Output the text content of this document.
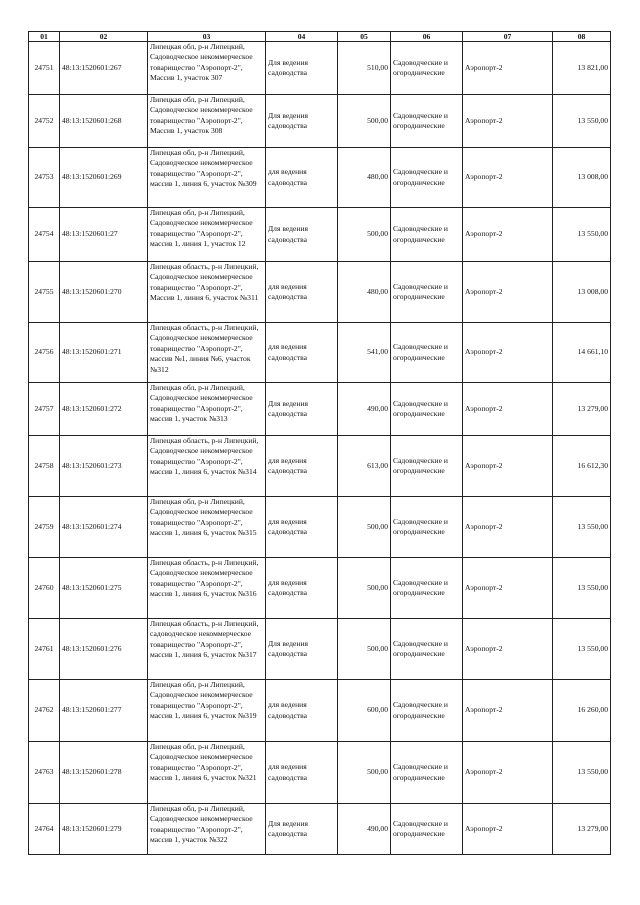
01	02	03	04	05	06	07	08
24751	48:13:1520601:267	Липецкая обл, р-н Липецкий, Садоводческое некоммерческое товарищество "Аэропорт-2", Массив 1, участок 307	Для ведения садоводства	510,00	Садоводческие и огороднические	Аэропорт-2	13 821,00
24752	48:13:1520601:268	Липецкая обл, р-н Липецкий, Садоводческое некоммерческое товарищество "Аэропорт-2", Массив 1, участок 308	Для ведения садоводства	500,00	Садоводческие и огороднические	Аэропорт-2	13 550,00
24753	48:13:1520601:269	Липецкая обл, р-н Липецкий, Садоводческое некоммерческое товарищество "Аэропорт-2", массив 1, линия 6, участок №309	для ведения садоводства	480,00	Садоводческие и огороднические	Аэропорт-2	13 008,00
24754	48:13:1520601:27	Липецкая обл, р-н Липецкий, Садоводческое некоммерческое товарищество "Аэропорт-2", массив 1, линия 1, участок 12	Для ведения садоводства	500,00	Садоводческие и огороднические	Аэропорт-2	13 550,00
24755	48:13:1520601:270	Липецкая область, р-н Липецкий, Садоводческое некоммерческое товарищество "Аэропорт-2", Массив 1, линия 6, участок №311	для ведения садоводства	480,00	Садоводческие и огороднические	Аэропорт-2	13 008,00
24756	48:13:1520601:271	Липецкая область, р-н Липецкий, Садоводческое некоммерческое товарищество "Аэропорт-2", массив №1, линия №6, участок №312	для ведения садоводства	541,00	Садоводческие и огороднические	Аэропорт-2	14 661,10
24757	48:13:1520601:272	Липецкая обл, р-н Липецкий, Садоводческое некоммерческое товарищество "Аэропорт-2", массив 1, участок №313	Для ведения садоводства	490,00	Садоводческие и огороднические	Аэропорт-2	13 279,00
24758	48:13:1520601:273	Липецкая область, р-н Липецкий, Садоводческое некоммерческое товарищество "Аэропорт-2", массив 1, линия 6, участок №314	для ведения садоводства	613,00	Садоводческие и огороднические	Аэропорт-2	16 612,30
24759	48:13:1520601:274	Липецкая обл, р-н Липецкий, Садоводческое некоммерческое товарищество "Аэропорт-2", массив 1, линия 6, участок №315	для ведения садоводства	500,00	Садоводческие и огороднические	Аэропорт-2	13 550,00
24760	48:13:1520601:275	Липецкая область, р-н Липецкий, Садоводческое некоммерческое товарищество "Аэропорт-2", массив 1, линия 6, участок №316	для ведения садоводства	500,00	Садоводческие и огороднические	Аэропорт-2	13 550,00
24761	48:13:1520601:276	Липецкая область, р-н Липецкий, садоводческое некоммерческое товарищество "Аэропорт-2", массив 1, линия 6, участок №317	Для ведения садоводства	500,00	Садоводческие и огороднические	Аэропорт-2	13 550,00
24762	48:13:1520601:277	Липецкая обл, р-н Липецкий, Садоводческое некоммерческое товарищество "Аэропорт-2", массив 1, линия 6, участок №319	для ведения садоводства	600,00	Садоводческие и огороднические	Аэропорт-2	16 260,00
24763	48:13:1520601:278	Липецкая обл, р-н Липецкий, Садоводческое некоммерческое товарищество "Аэропорт-2", массив 1, линия 6, участок №321	для ведения садоводства	500,00	Садоводческие и огороднические	Аэропорт-2	13 550,00
24764	48:13:1520601:279	Липецкая обл, р-н Липецкий, Садоводческое некоммерческое товарищество "Аэропорт-2", массив 1, участок №322	Для ведения садоводства	490,00	Садоводческие и огороднические	Аэропорт-2	13 279,00
